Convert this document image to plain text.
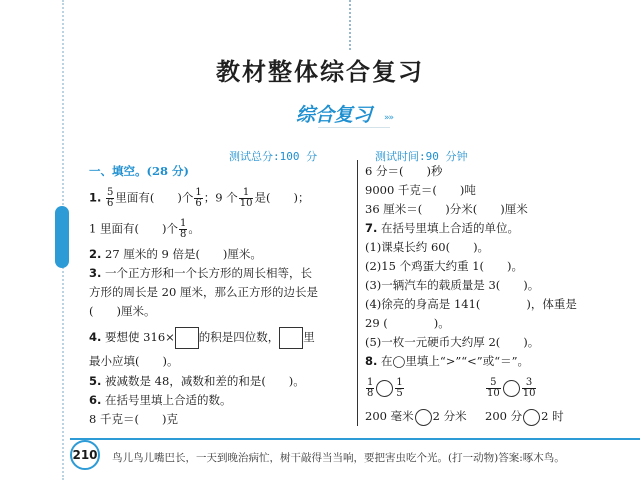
教材整体综合复习
综合复习 »»
测试总分:100 分	测试时间:90 分钟
一、填空。(28 分)
1. $\frac{5}{6}$ 里面有(　　)个 $\frac{1}{6}$ ；9 个 $\frac{1}{10}$ 是(　　)；
1 里面有(　　)个 $\frac{1}{8}$ 。
2. 27 厘米的 9 倍是(　　)厘米。
3. 一个正方形和一个长方形的周长相等，长
方形的周长是 20 厘米，那么正方形的边长是
(　　)厘米。
4. 要想使 316× 的积是四位数， 里
最小应填(　　)。
5. 被减数是 48，减数和差的和是(　　)。
6. 在括号里填上合适的数。
8 千克＝(　　)克
6 分＝(　　)秒
9000 千克＝(　　)吨
36 厘米＝(　　)分米(　　)厘米
7. 在括号里填上合适的单位。
(1)课桌长约 60(　　)。
(2)15 个鸡蛋大约重 1(　　)。
(3)一辆汽车的载质量是 3(　　)。
(4)徐亮的身高是 141(　　　　)，体重是
29 (　　　　)。
(5)一枚一元硬币大约厚 2(　　)。
8. 在◯里填上“>”“<”或“＝”。
$\frac{1}{8} \frac{1}{5}$	$\frac{5}{10} \frac{3}{10}$
200 毫米 2 分米 200 分 2 时
210 鸟儿鸟儿嘴巴长，一天到晚治病忙，树干敲得当当响，要把害虫吃个光。(打一动物)答案:啄木鸟。
